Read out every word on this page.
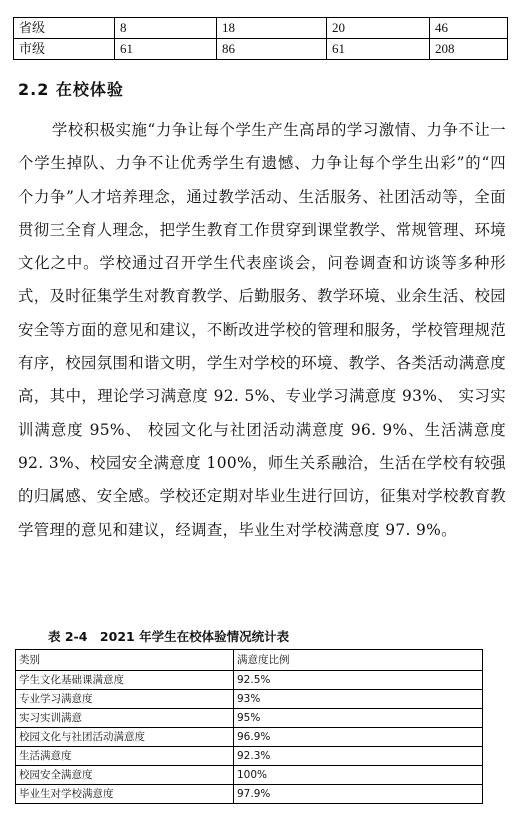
省级	8	18	20	46
市级	61	86	61	208
2.2 在校体验

学校积极实施“力争让每个学生产生高昂的学习激情、力争不让一个学生掉队、力争不让优秀学生有遗憾、力争让每个学生出彩”的“四个力争”人才培养理念，通过教学活动、生活服务、社团活动等，全面贯彻三全育人理念，把学生教育工作贯穿到课堂教学、常规管理、环境文化之中。学校通过召开学生代表座谈会，问卷调查和访谈等多种形式，及时征集学生对教育教学、后勤服务、教学环境、业余生活、校园安全等方面的意见和建议，不断改进学校的管理和服务，学校管理规范有序，校园氛围和谐文明，学生对学校的环境、教学、各类活动满意度高，其中，理论学习满意度 92. 5%、专业学习满意度 93%、 实习实训满意度 95%、 校园文化与社团活动满意度 96. 9%、生活满意度 92. 3%、校园安全满意度 100%，师生关系融洽，生活在学校有较强的归属感、安全感。学校还定期对毕业生进行回访，征集对学校教育教学管理的意见和建议，经调查，毕业生对学校满意度 97. 9%。

表 2-4　2021 年学生在校体验情况统计表

类别	满意度比例
学生文化基础课满意度	92.5%
专业学习满意度	93%
实习实训满意	95%
校园文化与社团活动满意度	96.9%
生活满意度	92.3%
校园安全满意度	100%
毕业生对学校满意度	97.9%
